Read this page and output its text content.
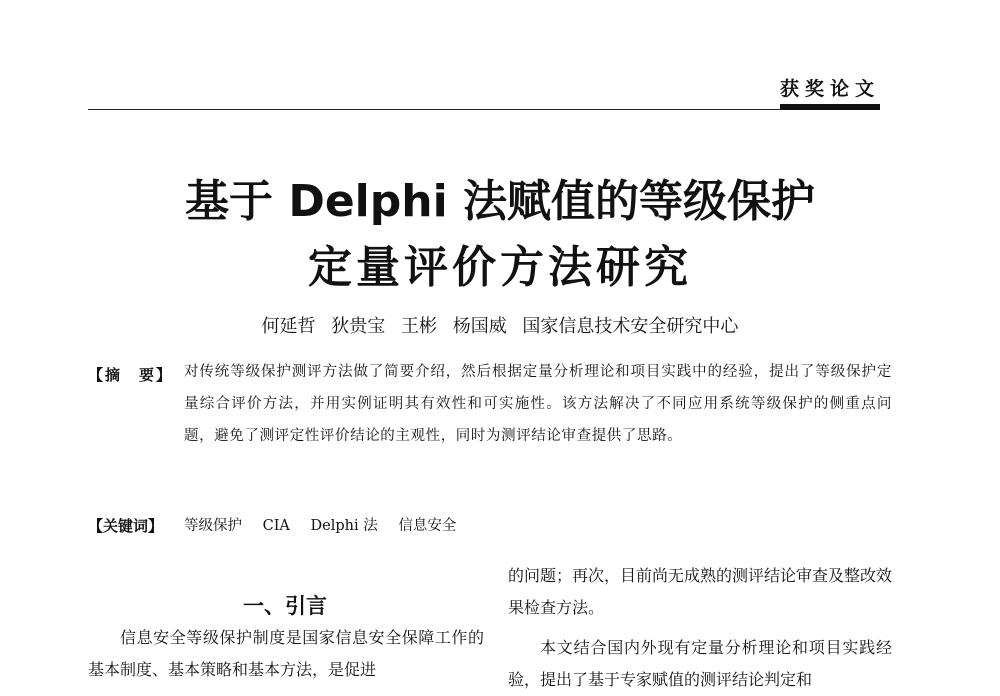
获奖论文
基于 Delphi 法赋值的等级保护
定量评价方法研究
何延哲 狄贵宝 王彬 杨国威 国家信息技术安全研究中心
【摘　要】 对传统等级保护测评方法做了简要介绍，然后根据定量分析理论和项目实践中的经验，提出了等级保护定量综合评价方法，并用实例证明其有效性和可实施性。该方法解决了不同应用系统等级保护的侧重点问题，避免了测评定性评价结论的主观性，同时为测评结论审查提供了思路。
【关键词】 等级保护 CIA Delphi 法 信息安全
一、引言

信息安全等级保护制度是国家信息安全保障工作的基本制度、基本策略和基本方法，是促进

的问题；再次，目前尚无成熟的测评结论审查及整改效果检查方法。

本文结合国内外现有定量分析理论和项目实践经验，提出了基于专家赋值的测评结论判定和
